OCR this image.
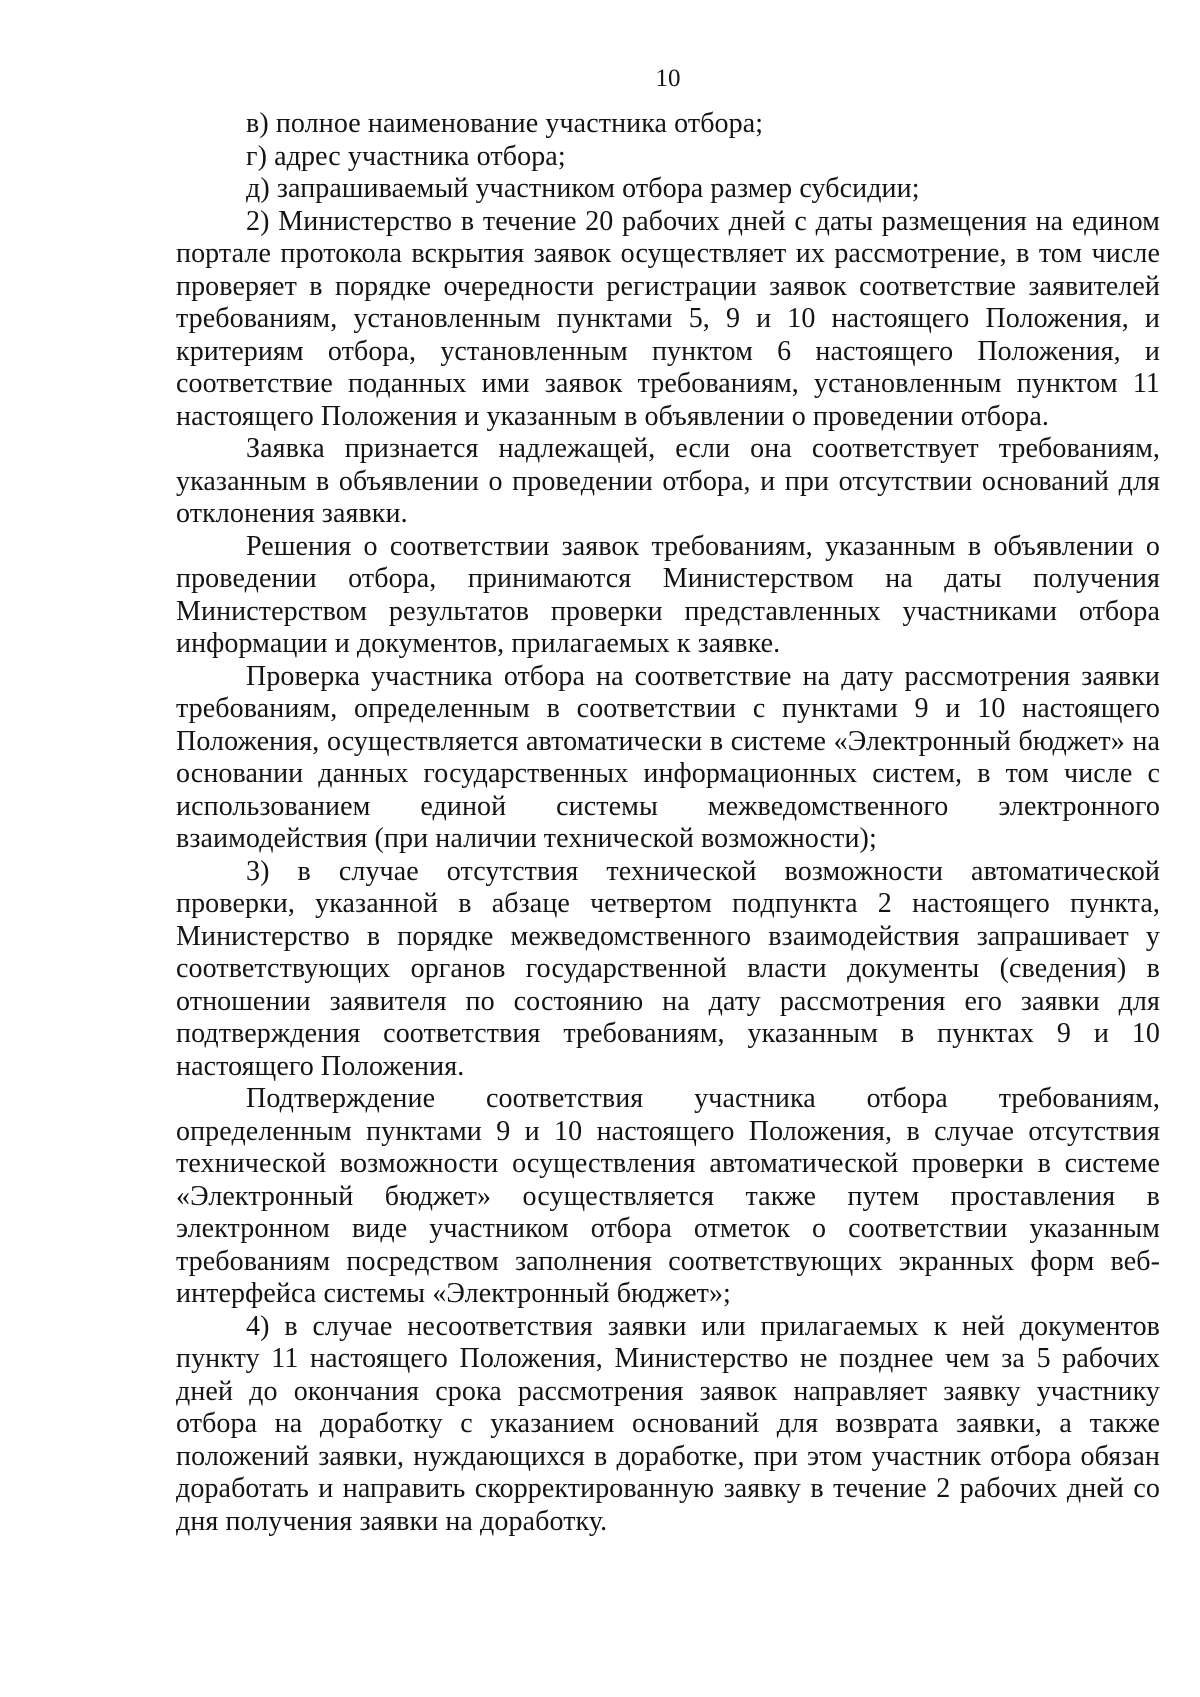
10

в) полное наименование участника отбора;

г) адрес участника отбора;

д) запрашиваемый участником отбора размер субсидии;

2) Министерство в течение 20 рабочих дней с даты размещения на едином портале протокола вскрытия заявок осуществляет их рассмотрение, в том числе проверяет в порядке очередности регистрации заявок соответствие заявителей требованиям, установленным пунктами 5, 9 и 10 настоящего Положения, и критериям отбора, установленным пунктом 6 настоящего Положения, и соответствие поданных ими заявок требованиям, установленным пунктом 11 настоящего Положения и указанным в объявлении о проведении отбора.

Заявка признается надлежащей, если она соответствует требованиям, указанным в объявлении о проведении отбора, и при отсутствии оснований для отклонения заявки.

Решения о соответствии заявок требованиям, указанным в объявлении о проведении отбора, принимаются Министерством на даты получения Министерством результатов проверки представленных участниками отбора информации и документов, прилагаемых к заявке.

Проверка участника отбора на соответствие на дату рассмотрения заявки требованиям, определенным в соответствии с пунктами 9 и 10 настоящего Положения, осуществляется автоматически в системе «Электронный бюджет» на основании данных государственных информационных систем, в том числе с использованием единой системы межведомственного электронного взаимодействия (при наличии технической возможности);

3) в случае отсутствия технической возможности автоматической проверки, указанной в абзаце четвертом подпункта 2 настоящего пункта, Министерство в порядке межведомственного взаимодействия запрашивает у соответствующих органов государственной власти документы (сведения) в отношении заявителя по состоянию на дату рассмотрения его заявки для подтверждения соответствия требованиям, указанным в пунктах 9 и 10 настоящего Положения.

Подтверждение соответствия участника отбора требованиям, определенным пунктами 9 и 10 настоящего Положения, в случае отсутствия технической возможности осуществления автоматической проверки в системе «Электронный бюджет» осуществляется также путем проставления в электронном виде участником отбора отметок о соответствии указанным требованиям посредством заполнения соответствующих экранных форм веб-интерфейса системы «Электронный бюджет»;

4) в случае несоответствия заявки или прилагаемых к ней документов пункту 11 настоящего Положения, Министерство не позднее чем за 5 рабочих дней до окончания срока рассмотрения заявок направляет заявку участнику отбора на доработку с указанием оснований для возврата заявки, а также положений заявки, нуждающихся в доработке, при этом участник отбора обязан доработать и направить скорректированную заявку в течение 2 рабочих дней со дня получения заявки на доработку.
